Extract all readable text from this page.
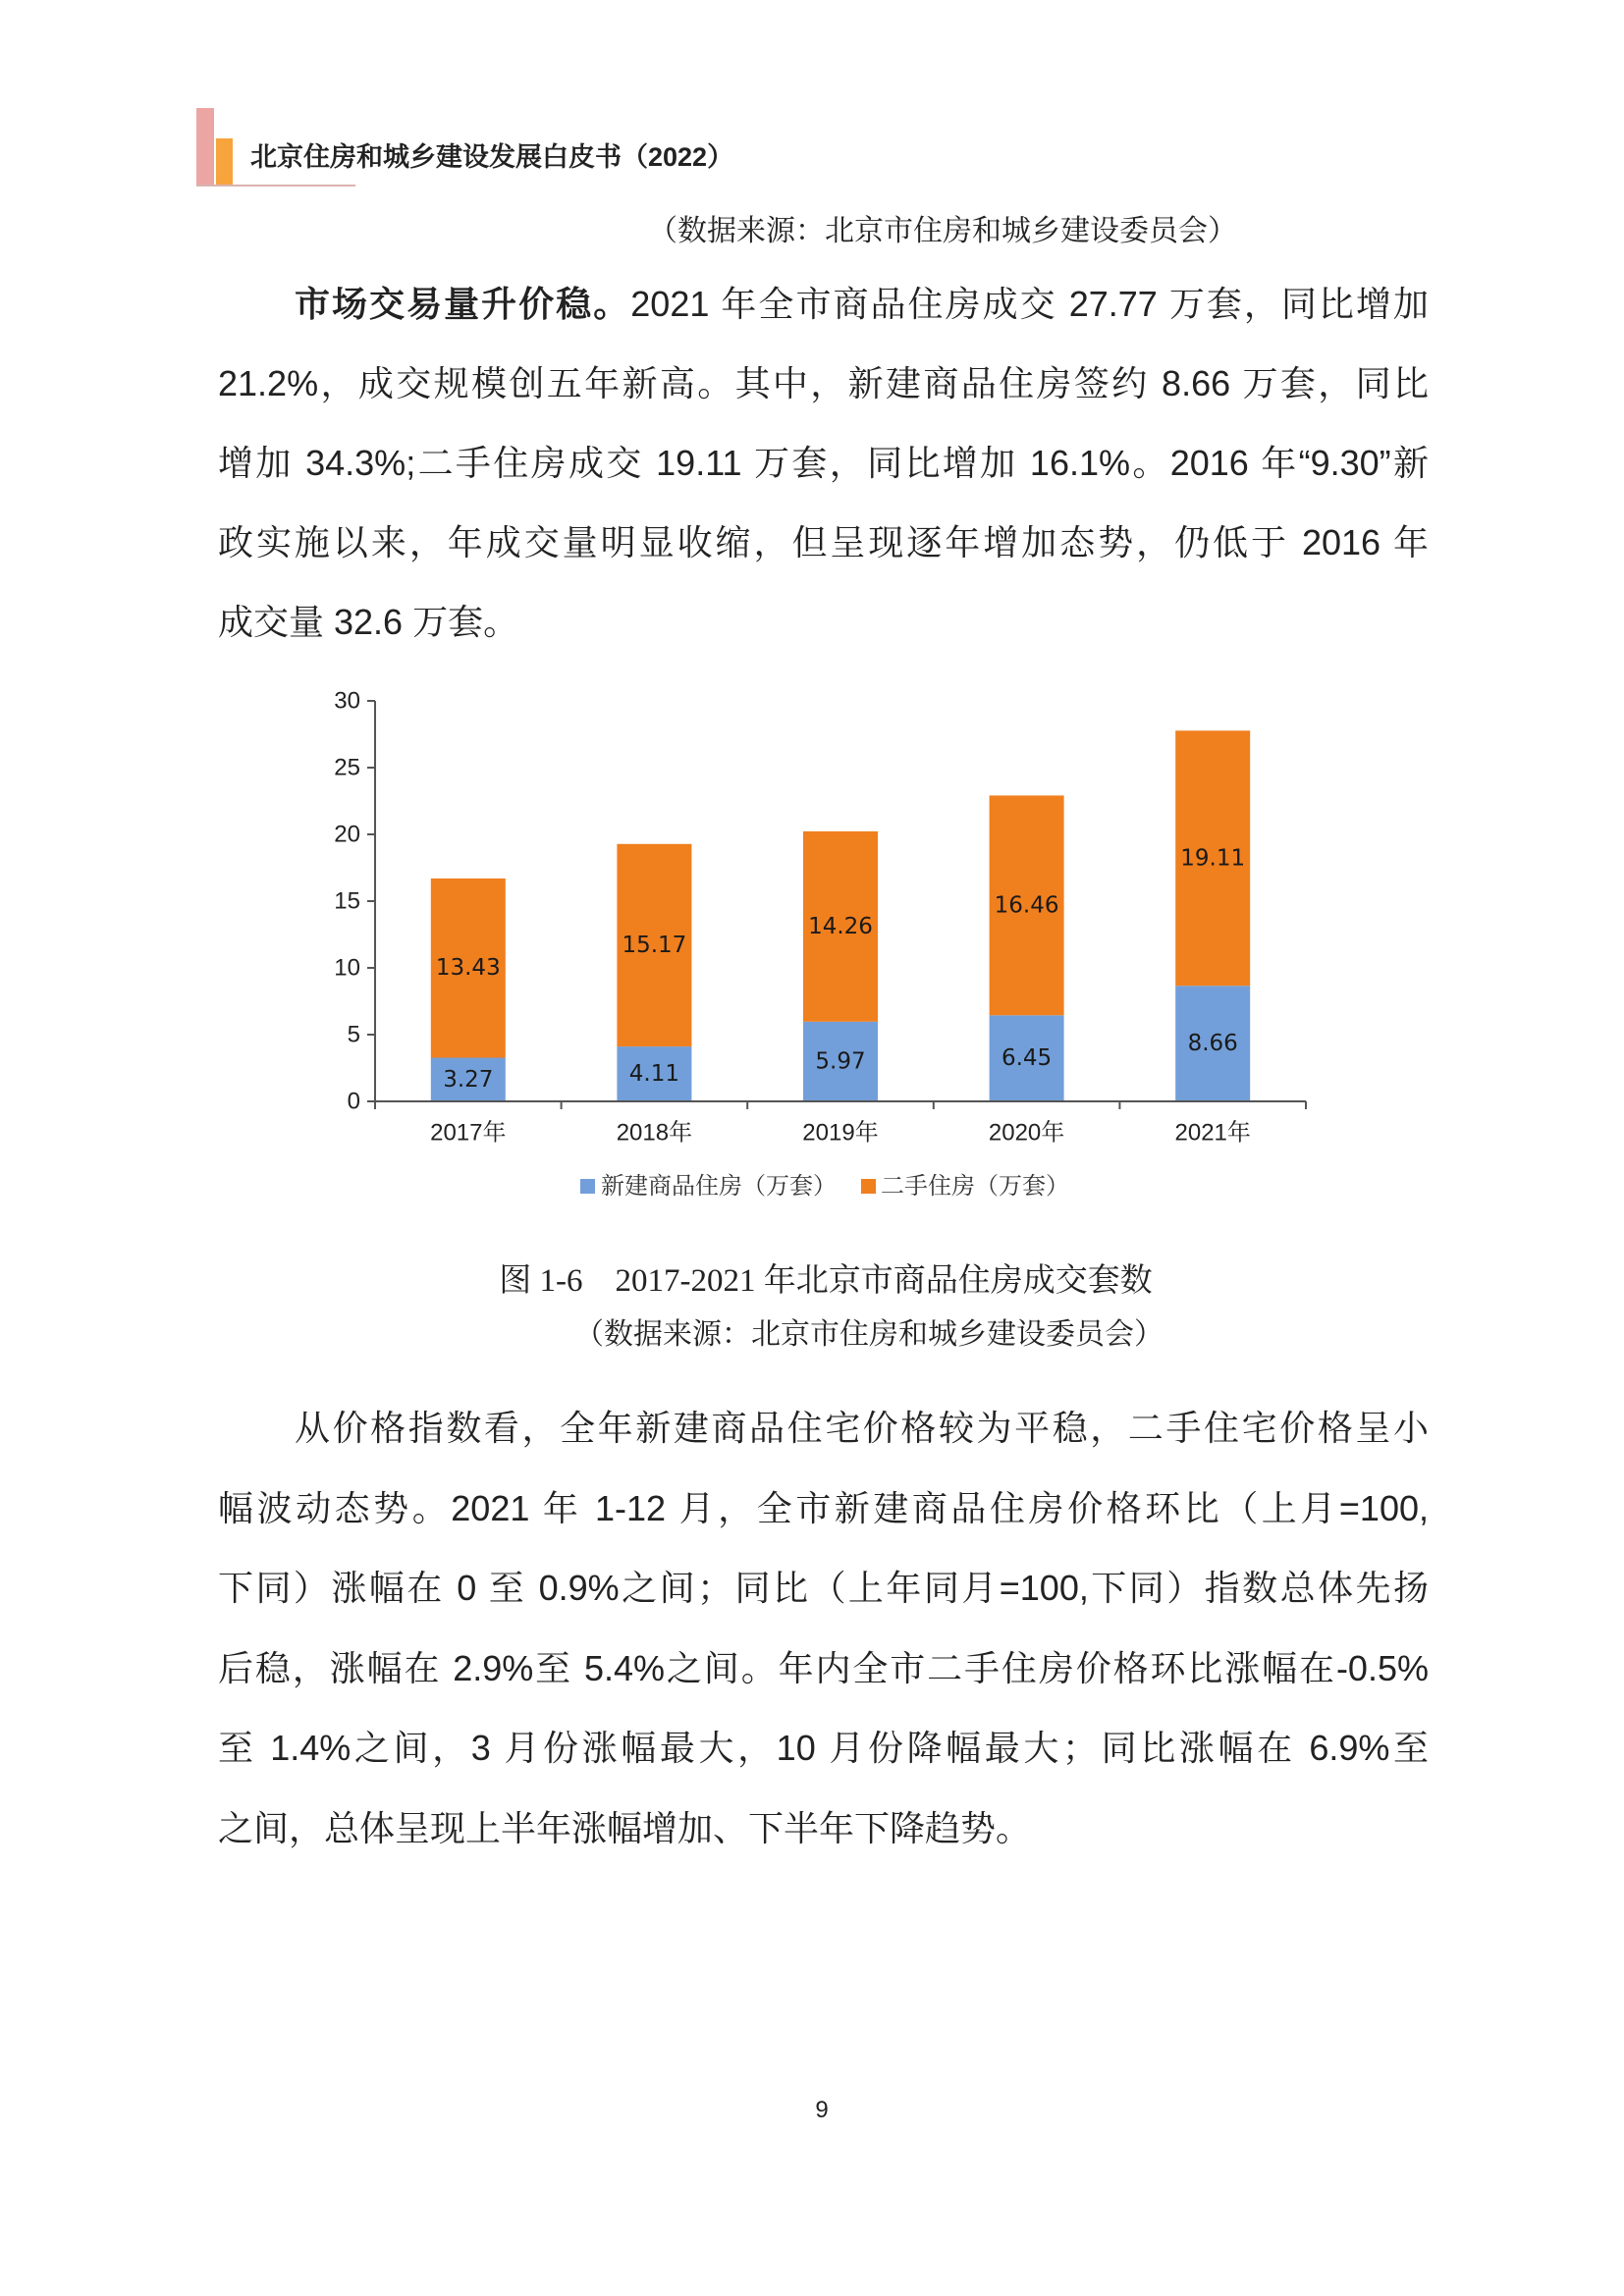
北京住房和城乡建设发展白皮书（2022）
（数据来源：北京市住房和城乡建设委员会）
市场交易量升价稳。2021 年全市商品住房成交 27.77 万套，同比增加
21.2%，成交规模创五年新高。其中，新建商品住房签约 8.66 万套，同比
增加 34.3%;二手住房成交 19.11 万套，同比增加 16.1%。2016 年“9.30”新
政实施以来，年成交量明显收缩，但呈现逐年增加态势，仍低于 2016 年
成交量 32.6 万套。
3.27
13.43
2017年
4.11
15.17
2018年
5.97
14.26
2019年
6.45
16.46
2020年
8.66
19.11
2021年
0
5
10
15
20
25
30
新建商品住房（万套） 二手住房（万套）
图 1-6    2017-2021 年北京市商品住房成交套数
（数据来源：北京市住房和城乡建设委员会）
从价格指数看，全年新建商品住宅价格较为平稳，二手住宅价格呈小
幅波动态势。2021 年 1-12 月，全市新建商品住房价格环比（上月=100,
下同）涨幅在 0 至 0.9%之间；同比（上年同月=100,下同）指数总体先扬
后稳，涨幅在 2.9%至 5.4%之间。年内全市二手住房价格环比涨幅在-0.5%
至 1.4%之间，3 月份涨幅最大，10 月份降幅最大；同比涨幅在 6.9%至
之间，总体呈现上半年涨幅增加、下半年下降趋势。
9
